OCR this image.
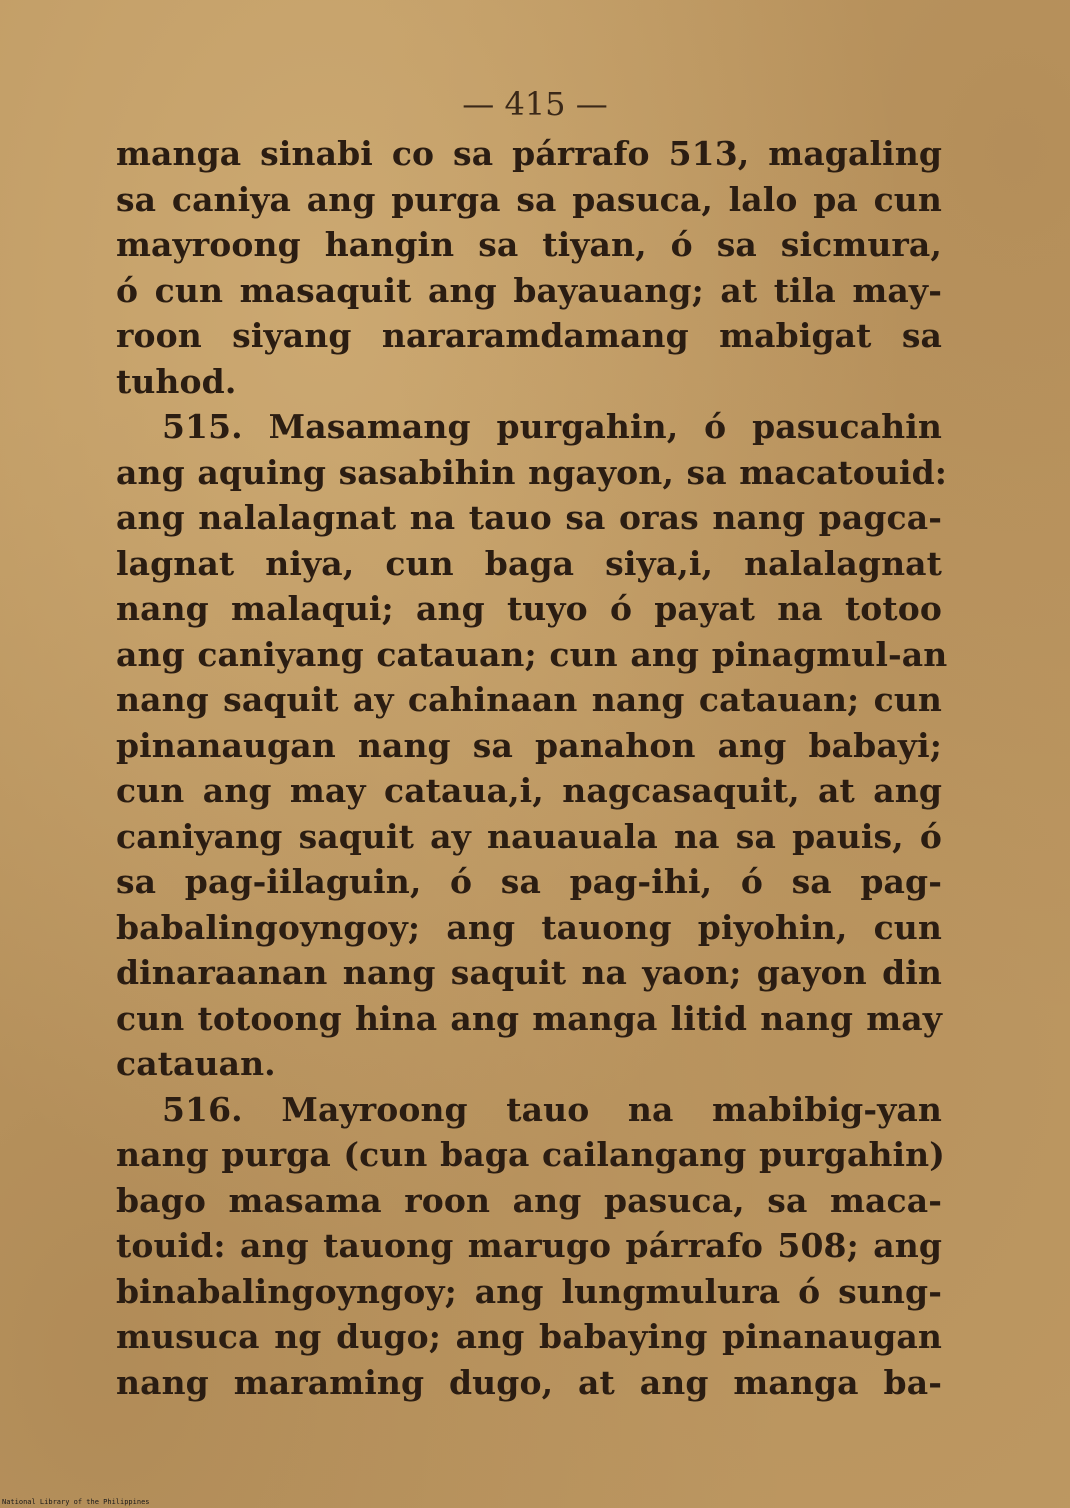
— 415 —

manga sinabi co sa párrafo 513, magaling
sa caniya ang purga sa pasuca, lalo pa cun
mayroong hangin sa tiyan, ó sa sicmura,
ó cun masaquit ang bayauang; at tila may-
roon siyang nararamdamang mabigat sa
tuhod.
515. Masamang purgahin, ó pasucahin
ang aquing sasabihin ngayon, sa macatouid:
ang nalalagnat na tauo sa oras nang pagca-
lagnat niya, cun baga siya,i, nalalagnat
nang malaqui; ang tuyo ó payat na totoo
ang caniyang catauan; cun ang pinagmul-an
nang saquit ay cahinaan nang catauan; cun
pinanaugan nang sa panahon ang babayi;
cun ang may catauа,i, nagcasaquit, at ang
caniyang saquit ay nauauala na sa pauis, ó
sa pag-iilaguin, ó sa pag-ihi, ó sa pag-
babalingoyngoy; ang tauong piyohin, cun
dinaraanan nang saquit na yaon; gayon din
cun totoong hina ang manga litid nang may
catauan.
516. Mayroong tauo na mabibig-yan
nang purga (cun baga cailangang purgahin)
bago masama roon ang pasuca, sa maca-
touid: ang tauong marugo párrafo 508; ang
binabalingoyngoy; ang lungmulura ó sung-
musuca ng dugo; ang babaying pinanaugan
nang maraming dugo, at ang manga ba-

National Library of the Philippines
